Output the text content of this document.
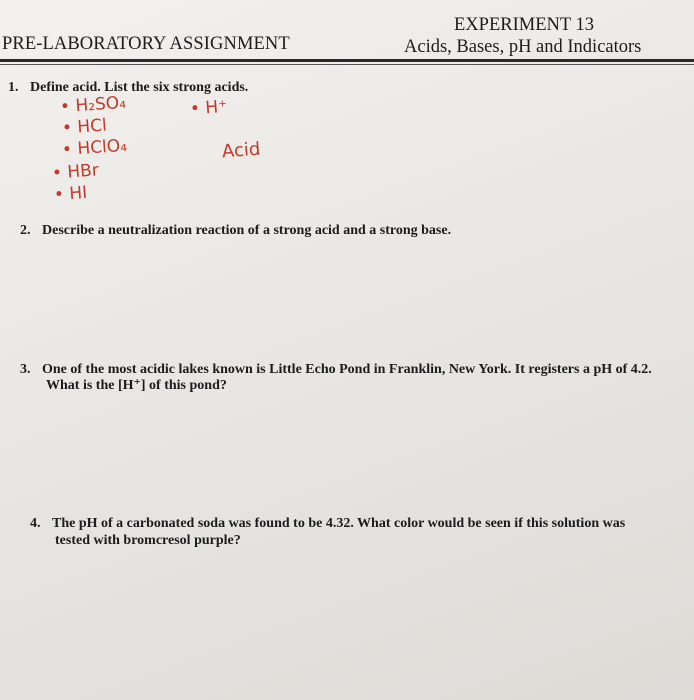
PRE-LABORATORY ASSIGNMENT
EXPERIMENT 13
Acids, Bases, pH and Indicators

1. Define acid. List the six strong acids.
• H₂SO₄	• H⁺
• HCl
• HClO₄	Acid
• HBr
• HI
2. Describe a neutralization reaction of a strong acid and a strong base.
3. One of the most acidic lakes known is Little Echo Pond in Franklin, New York. It registers a pH of 4.2.
What is the [H⁺] of this pond?
4. The pH of a carbonated soda was found to be 4.32. What color would be seen if this solution was
tested with bromcresol purple?
